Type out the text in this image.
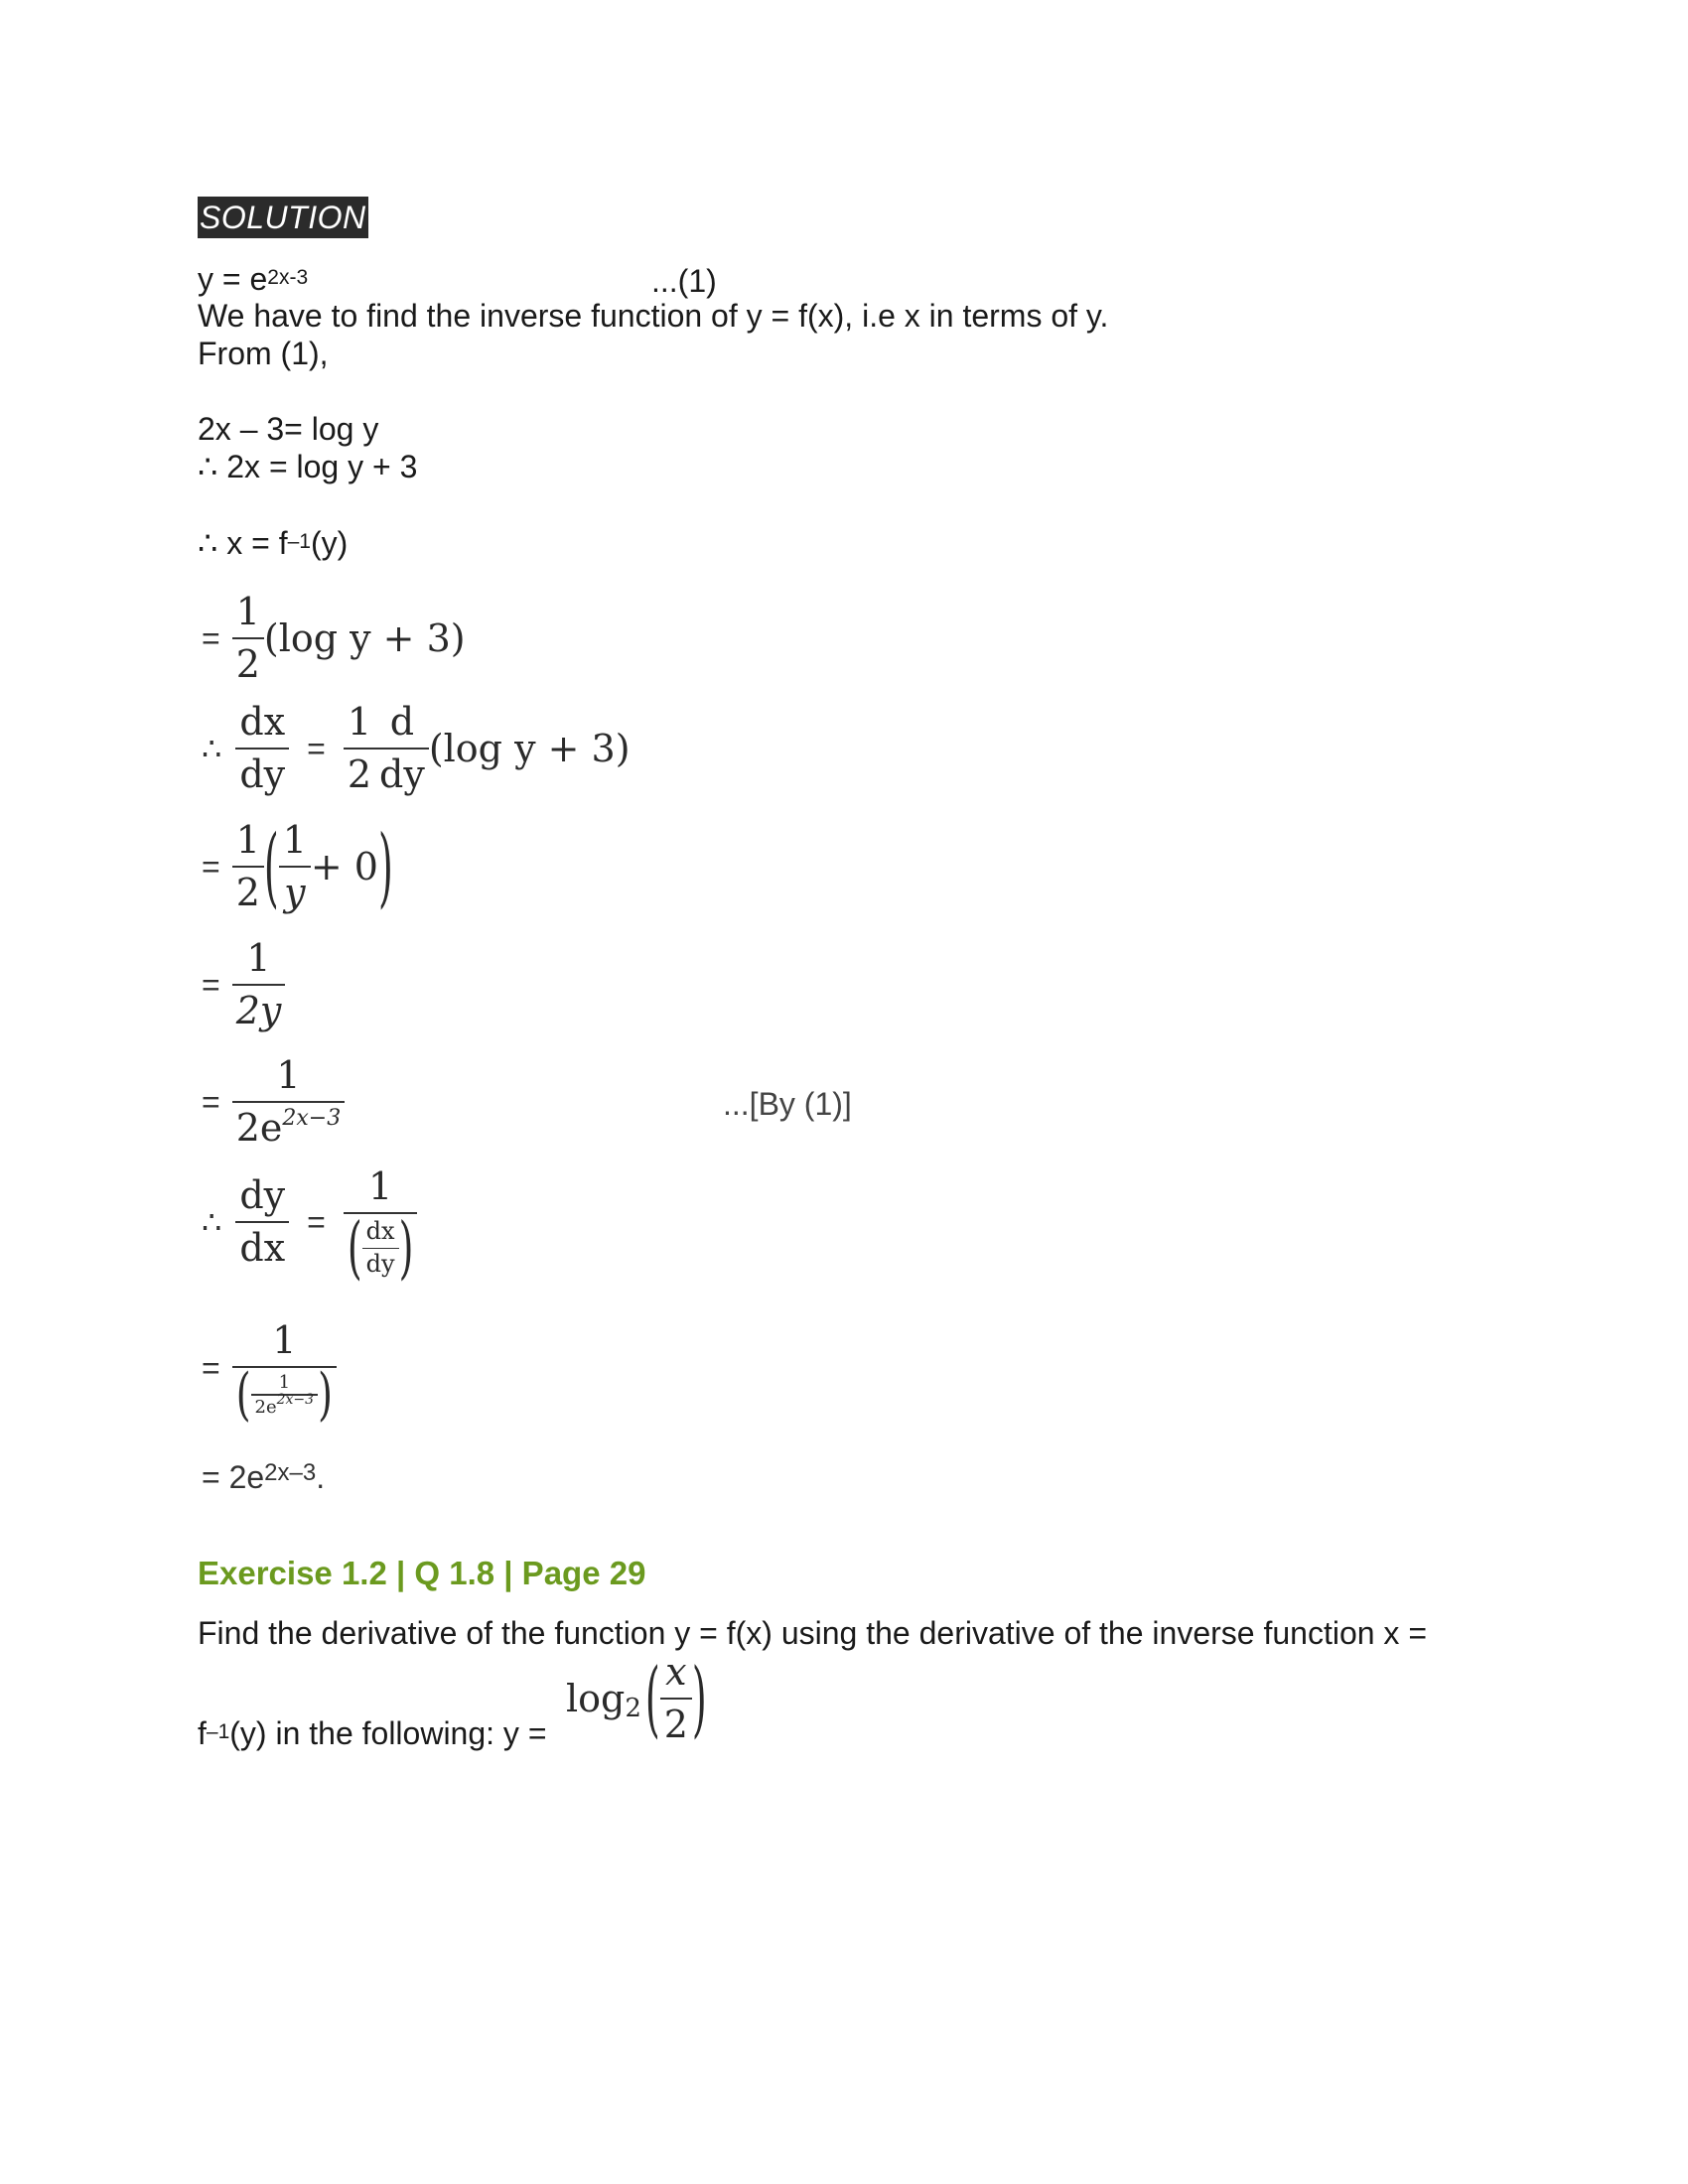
SOLUTION
$y = e^{2x-3}$	...(1)
We have to find the inverse function of y = f(x), i.e x in terms of y.
From (1),
2x – 3= log y
∴ 2x = log y + 3
∴ $x = f^{-1}(y)$
= $\frac{1}{2} (\log$ y + 3)
∴ $\frac{dx}{dy} = \frac{1}{2} \frac{d}{dy} (\log$ y + 3)
= $\frac{1}{2}$ ( $\frac{1}{y} + 0$ )
= $\frac{1}{2y}$
= $\frac{1}{2e^{2x-3}}$	...[By (1)]
∴ $\frac{dy}{dx} = \frac{1}{( \frac{dx}{dy} )}$
= $\frac{1}{( \frac{1}{2e^{2x-3}} )}$
= $2e^{2x-3}$.
Exercise 1.2 | Q 1.8 | Page 29
Find the derivative of the function y = f(x) using the derivative of the inverse function x =
$f^{-1}(y)$ in the following: y =
log 2 ( $\frac{x}{2}$ )
